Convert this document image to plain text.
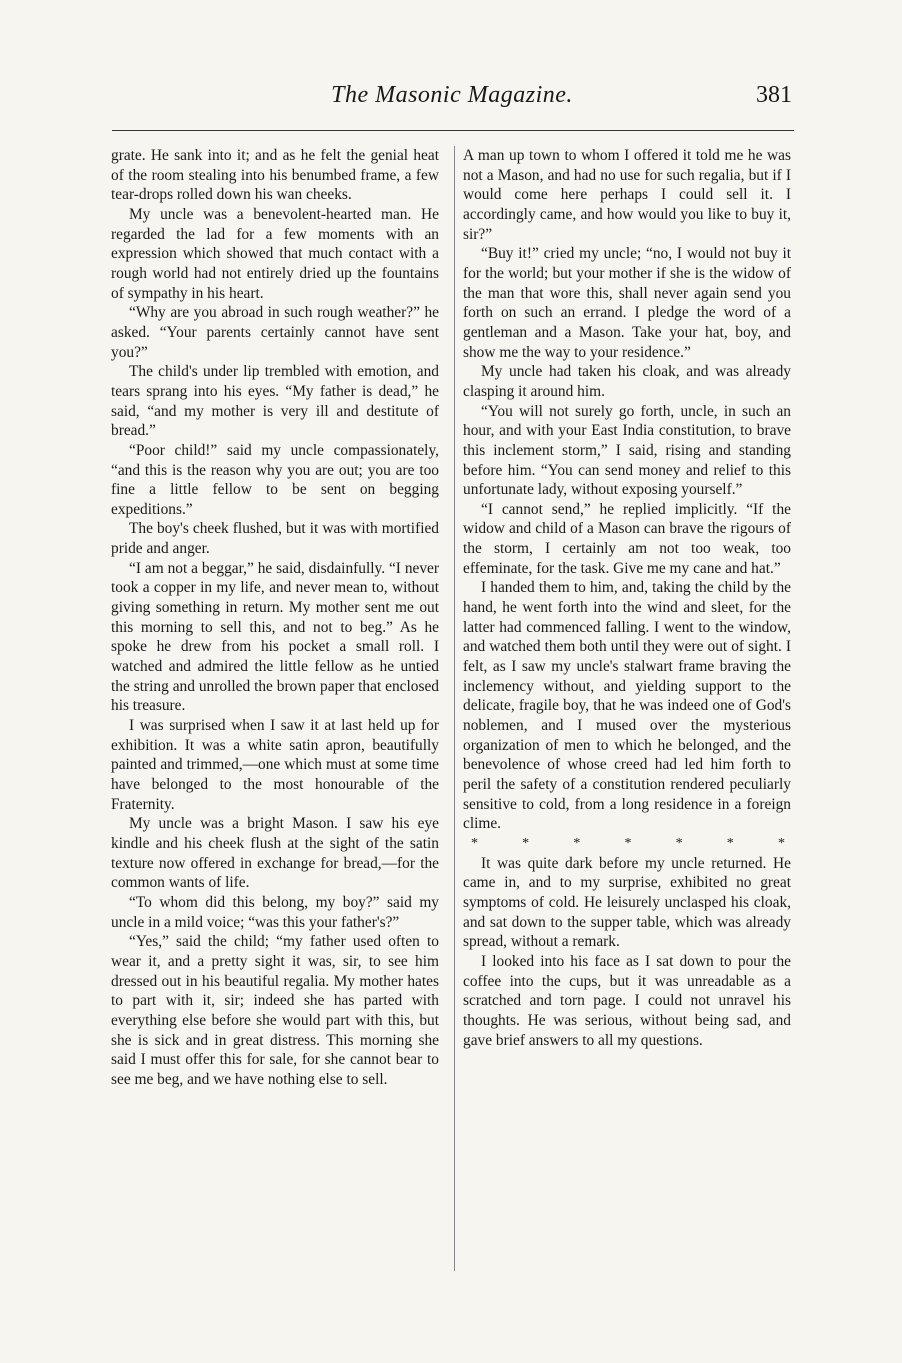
The Masonic Magazine.	381

grate. He sank into it; and as he felt the genial heat of the room stealing into his benumbed frame, a few tear-drops rolled down his wan cheeks.

My uncle was a benevolent-hearted man. He regarded the lad for a few moments with an expression which showed that much contact with a rough world had not entirely dried up the fountains of sympathy in his heart.

“Why are you abroad in such rough weather?” he asked. “Your parents certainly cannot have sent you?”

The child's under lip trembled with emotion, and tears sprang into his eyes. “My father is dead,” he said, “and my mother is very ill and destitute of bread.”

“Poor child!” said my uncle compassionately, “and this is the reason why you are out; you are too fine a little fellow to be sent on begging expeditions.”

The boy's cheek flushed, but it was with mortified pride and anger.

“I am not a beggar,” he said, disdainfully. “I never took a copper in my life, and never mean to, without giving something in return. My mother sent me out this morning to sell this, and not to beg.” As he spoke he drew from his pocket a small roll. I watched and admired the little fellow as he untied the string and unrolled the brown paper that enclosed his treasure.

I was surprised when I saw it at last held up for exhibition. It was a white satin apron, beautifully painted and trimmed,—one which must at some time have belonged to the most honourable of the Fraternity.

My uncle was a bright Mason. I saw his eye kindle and his cheek flush at the sight of the satin texture now offered in exchange for bread,—for the common wants of life.

“To whom did this belong, my boy?” said my uncle in a mild voice; “was this your father's?”

“Yes,” said the child; “my father used often to wear it, and a pretty sight it was, sir, to see him dressed out in his beautiful regalia. My mother hates to part with it, sir; indeed she has parted with everything else before she would part with this, but she is sick and in great distress. This morning she said I must offer this for sale, for she cannot bear to see me beg, and we have nothing else to sell.

A man up town to whom I offered it told me he was not a Mason, and had no use for such regalia, but if I would come here perhaps I could sell it. I accordingly came, and how would you like to buy it, sir?”

“Buy it!” cried my uncle; “no, I would not buy it for the world; but your mother if she is the widow of the man that wore this, shall never again send you forth on such an errand. I pledge the word of a gentleman and a Mason. Take your hat, boy, and show me the way to your residence.”

My uncle had taken his cloak, and was already clasping it around him.

“You will not surely go forth, uncle, in such an hour, and with your East India constitution, to brave this inclement storm,” I said, rising and standing before him. “You can send money and relief to this unfortunate lady, without exposing yourself.”

“I cannot send,” he replied implicitly. “If the widow and child of a Mason can brave the rigours of the storm, I certainly am not too weak, too effeminate, for the task. Give me my cane and hat.”

I handed them to him, and, taking the child by the hand, he went forth into the wind and sleet, for the latter had commenced falling. I went to the window, and watched them both until they were out of sight. I felt, as I saw my uncle's stalwart frame braving the inclemency without, and yielding support to the delicate, fragile boy, that he was indeed one of God's noblemen, and I mused over the mysterious organization of men to which he belonged, and the benevolence of whose creed had led him forth to peril the safety of a constitution rendered peculiarly sensitive to cold, from a long residence in a foreign clime.

*	*	*	*	*	*	*

It was quite dark before my uncle returned. He came in, and to my surprise, exhibited no great symptoms of cold. He leisurely unclasped his cloak, and sat down to the supper table, which was already spread, without a remark.

I looked into his face as I sat down to pour the coffee into the cups, but it was unreadable as a scratched and torn page. I could not unravel his thoughts. He was serious, without being sad, and gave brief answers to all my questions.
